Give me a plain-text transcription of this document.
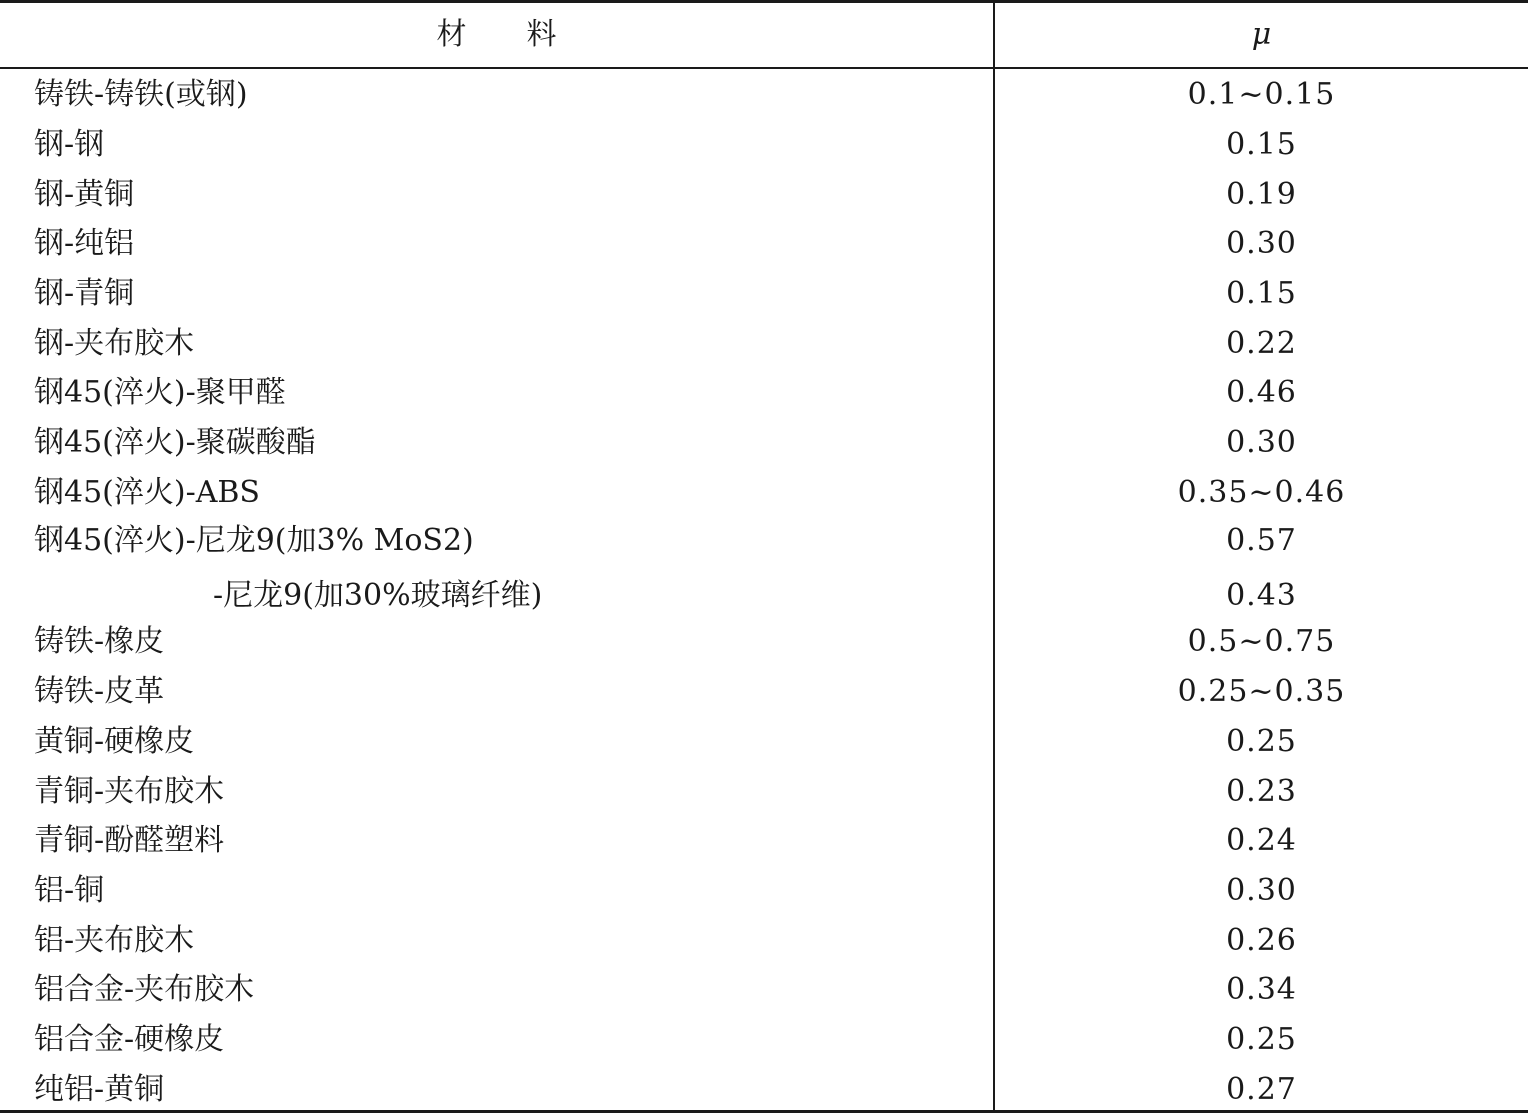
材料	μ
铸铁-铸铁(或钢)	0.1~0.15
钢-钢	0.15
钢-黄铜	0.19
钢-纯铝	0.30
钢-青铜	0.15
钢-夹布胶木	0.22
钢45(淬火)-聚甲醛	0.46
钢45(淬火)-聚碳酸酯	0.30
钢45(淬火)-ABS	0.35~0.46
钢45(淬火)-尼龙9(加3% MoS2)	0.57
-尼龙9(加30%玻璃纤维)	0.43
铸铁-橡皮	0.5~0.75
铸铁-皮革	0.25~0.35
黄铜-硬橡皮	0.25
青铜-夹布胶木	0.23
青铜-酚醛塑料	0.24
铝-铜	0.30
铝-夹布胶木	0.26
铝合金-夹布胶木	0.34
铝合金-硬橡皮	0.25
纯铝-黄铜	0.27
